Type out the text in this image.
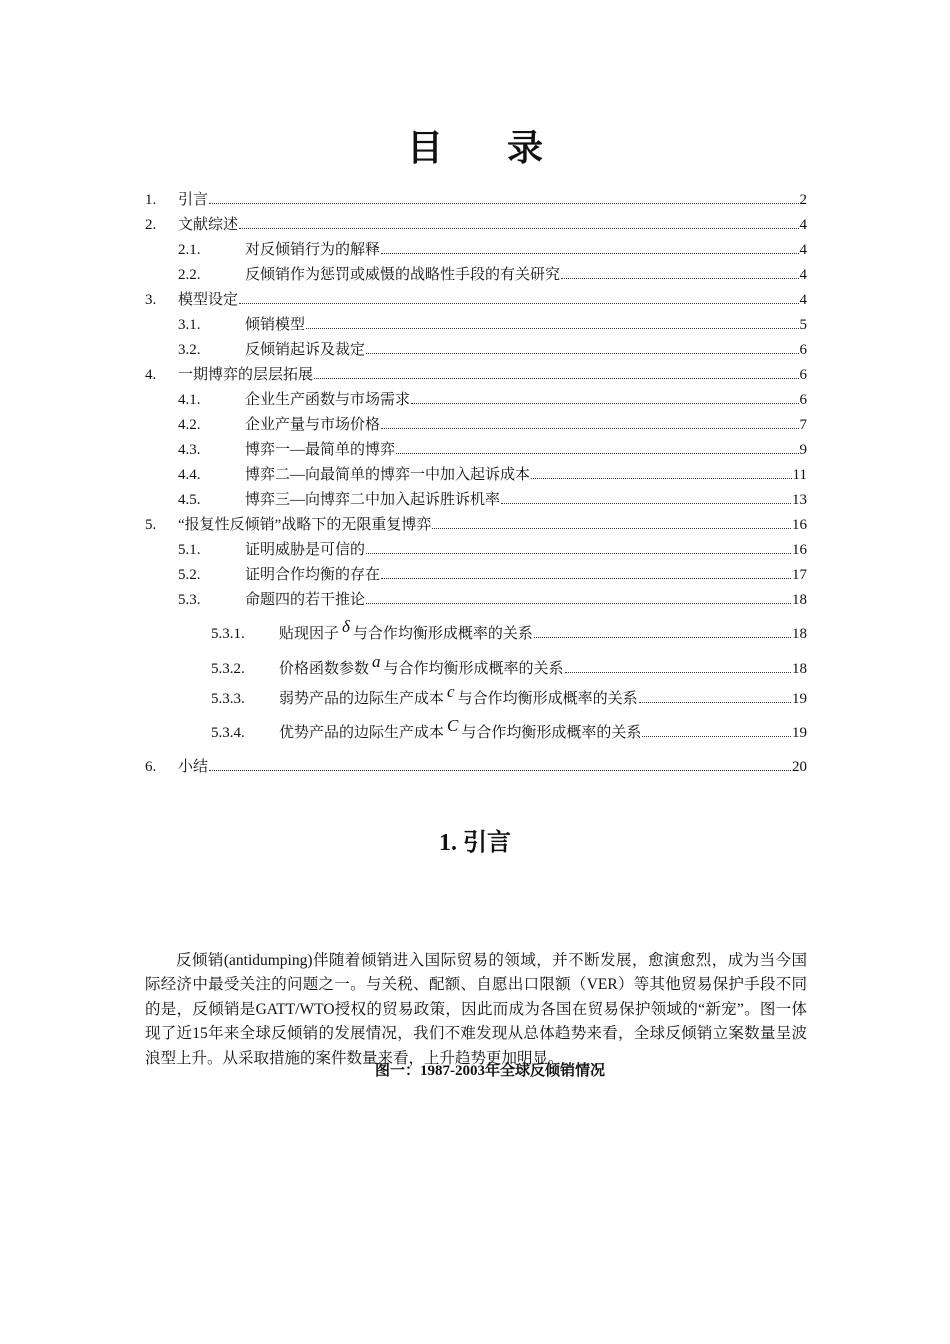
目 录
1.	引言	2
2.	文献综述	4
2.1.	对反倾销行为的解释	4
2.2.	反倾销作为惩罚或威慑的战略性手段的有关研究	4
3.	模型设定	4
3.1.	倾销模型	5
3.2.	反倾销起诉及裁定	6
4.	一期博弈的层层拓展	6
4.1.	企业生产函数与市场需求	6
4.2.	企业产量与市场价格	7
4.3.	博弈一—最简单的博弈	9
4.4.	博弈二—向最简单的博弈一中加入起诉成本	11
4.5.	博弈三—向博弈二中加入起诉胜诉机率	13
5.	“报复性反倾销”战略下的无限重复博弈	16
5.1.	证明威胁是可信的	16
5.2.	证明合作均衡的存在	17
5.3.	命题四的若干推论	18
5.3.1.	贴现因子 δ 与合作均衡形成概率的关系	18
5.3.2.	价格函数参数 a 与合作均衡形成概率的关系	18
5.3.3.	弱势产品的边际生产成本 c 与合作均衡形成概率的关系	19
5.3.4.	优势产品的边际生产成本 C 与合作均衡形成概率的关系	19
6.	小结	20
1. 引言

反倾销(antidumping)伴随着倾销进入国际贸易的领域，并不断发展，愈演愈烈，成为当今国际经济中最受关注的问题之一。与关税、配额、自愿出口限额（VER）等其他贸易保护手段不同的是，反倾销是GATT/WTO授权的贸易政策，因此而成为各国在贸易保护领域的“新宠”。图一体现了近15年来全球反倾销的发展情况，我们不难发现从总体趋势来看，全球反倾销立案数量呈波浪型上升。从采取措施的案件数量来看，上升趋势更加明显。

图一：1987-2003年全球反倾销情况
